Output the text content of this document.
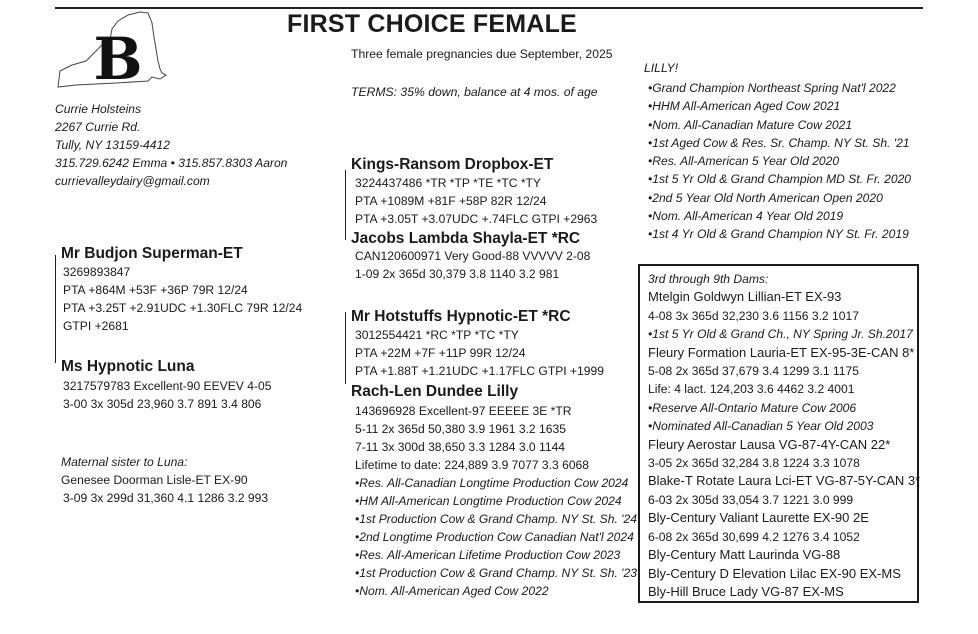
B
FIRST CHOICE FEMALE
Three female pregnancies due September, 2025
TERMS: 35% down, balance at 4 mos. of age
Currie Holsteins
2267 Currie Rd.
Tully, NY 13159-4412
315.729.6242 Emma • 315.857.8303 Aaron
currievalleydairy@gmail.com
Mr Budjon Superman-ET
3269893847
PTA +864M +53F +36P 79R 12/24
PTA +3.25T +2.91UDC +1.30FLC 79R 12/24
GTPI +2681
Ms Hypnotic Luna
3217579783 Excellent-90 EEVEV 4-05
3-00 3x 305d 23,960 3.7 891 3.4 806
Maternal sister to Luna:
Genesee Doorman Lisle-ET EX-90
3-09 3x 299d 31,360 4.1 1286 3.2 993
Kings-Ransom Dropbox-ET
3224437486 *TR *TP *TE *TC *TY
PTA +1089M +81F +58P 82R 12/24
PTA +3.05T +3.07UDC +.74FLC GTPI +2963
Jacobs Lambda Shayla-ET *RC
CAN120600971 Very Good-88 VVVVV 2-08
1-09 2x 365d 30,379 3.8 1140 3.2 981
Mr Hotstuffs Hypnotic-ET *RC
3012554421 *RC *TP *TC *TY
PTA +22M +7F +11P 99R 12/24
PTA +1.88T +1.21UDC +1.17FLC GTPI +1999
Rach-Len Dundee Lilly
143696928 Excellent-97 EEEEE 3E *TR
5-11 2x 365d 50,380 3.9 1961 3.2 1635
7-11 3x 300d 38,650 3.3 1284 3.0 1144
Lifetime to date: 224,889 3.9 7077 3.3 6068
•Res. All-Canadian Longtime Production Cow 2024
•HM All-American Longtime Production Cow 2024
•1st Production Cow & Grand Champ. NY St. Sh. '24
•2nd Longtime Production Cow Canadian Nat'l 2024
•Res. All-American Lifetime Production Cow 2023
•1st Production Cow & Grand Champ. NY St. Sh. '23
•Nom. All-American Aged Cow 2022
LILLY!
•Grand Champion Northeast Spring Nat'l 2022
•HHM All-American Aged Cow 2021
•Nom. All-Canadian Mature Cow 2021
•1st Aged Cow & Res. Sr. Champ. NY St. Sh. '21
•Res. All-American 5 Year Old 2020
•1st 5 Yr Old & Grand Champion MD St. Fr. 2020
•2nd 5 Year Old North American Open 2020
•Nom. All-American 4 Year Old 2019
•1st 4 Yr Old & Grand Champion NY St. Fr. 2019
3rd through 9th Dams:
Mtelgin Goldwyn Lillian-ET EX-93
4-08 3x 365d 32,230 3.6 1156 3.2 1017
•1st 5 Yr Old & Grand Ch., NY Spring Jr. Sh.2017
Fleury Formation Lauria-ET EX-95-3E-CAN 8*
5-08 2x 365d 37,679 3.4 1299 3.1 1175
Life: 4 lact. 124,203 3.6 4462 3.2 4001
•Reserve All-Ontario Mature Cow 2006
•Nominated All-Canadian 5 Year Old 2003
Fleury Aerostar Lausa VG-87-4Y-CAN 22*
3-05 2x 365d 32,284 3.8 1224 3.3 1078
Blake-T Rotate Laura Lci-ET VG-87-5Y-CAN 3*
6-03 2x 305d 33,054 3.7 1221 3.0 999
Bly-Century Valiant Laurette EX-90 2E
6-08 2x 365d 30,699 4.2 1276 3.4 1052
Bly-Century Matt Laurinda VG-88
Bly-Century D Elevation Lilac EX-90 EX-MS
Bly-Hill Bruce Lady VG-87 EX-MS
